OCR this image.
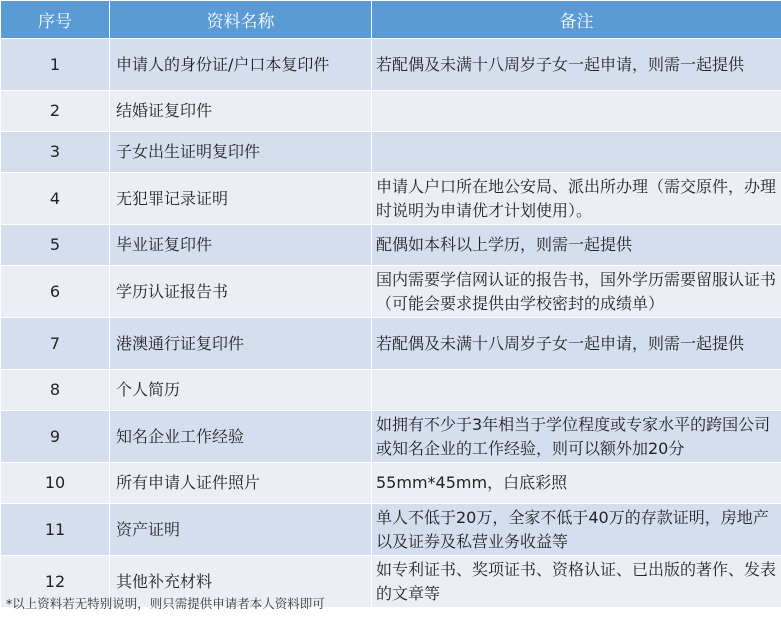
序号	资料名称	备注
1	申请人的身份证/户口本复印件	若配偶及未满十八周岁子女一起申请，则需一起提供
2	结婚证复印件	
3	子女出生证明复印件	
4	无犯罪记录证明	申请人户口所在地公安局、派出所办理（需交原件，办理时说明为申请优才计划使用）。
5	毕业证复印件	配偶如本科以上学历，则需一起提供
6	学历认证报告书	国内需要学信网认证的报告书，国外学历需要留服认证书（可能会要求提供由学校密封的成绩单）
7	港澳通行证复印件	若配偶及未满十八周岁子女一起申请，则需一起提供
8	个人简历	
9	知名企业工作经验	如拥有不少于3年相当于学位程度或专家水平的跨国公司或知名企业的工作经验，则可以额外加20分
10	所有申请人证件照片	55mm*45mm，白底彩照
11	资产证明	单人不低于20万，全家不低于40万的存款证明，房地产以及证券及私营业务收益等
12	其他补充材料	如专利证书、奖项证书、资格认证、已出版的著作、发表的文章等
*以上资料若无特别说明，则只需提供申请者本人资料即可
